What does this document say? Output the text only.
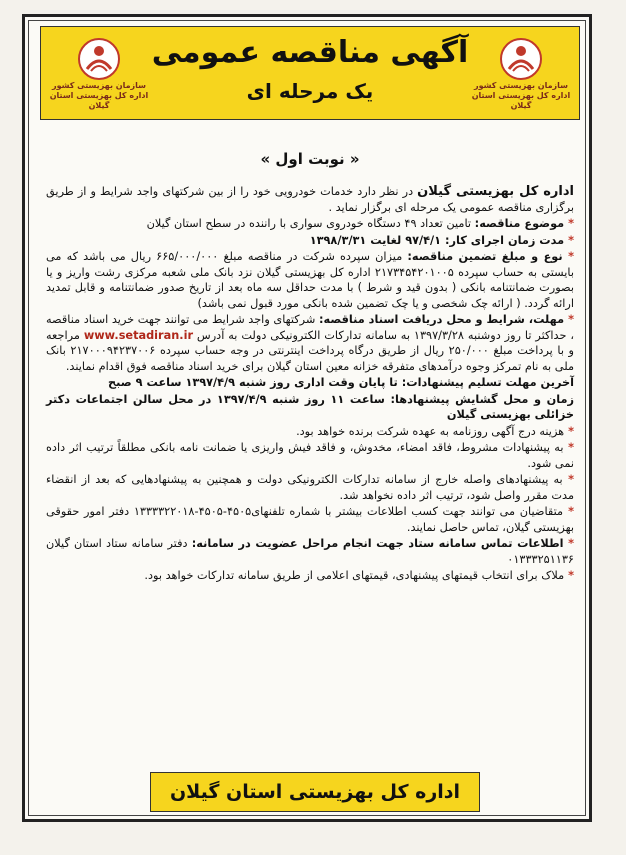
سازمان بهزیستی کشور
اداره کل بهزیستی استان گیلان
سازمان بهزیستی کشور
اداره کل بهزیستی استان گیلان
آگهی مناقصه عمومی
یک مرحله ای
« نوبت اول »

اداره کل بهزیستی گیلان در نظر دارد خدمات خودرویی خود را از بین شرکتهای واجد شرایط و از طریق برگزاری مناقصه عمومی یک مرحله ای برگزار نماید .

* موضوع مناقصه: تامین تعداد ۴۹ دستگاه خودروی سواری با راننده در سطح استان گیلان

* مدت زمان اجرای کار: ۹۷/۴/۱ لغایت ۱۳۹۸/۳/۳۱

* نوع و مبلغ تضمین مناقصه: میزان سپرده شرکت در مناقصه مبلغ ۶۶۵/۰۰۰/۰۰۰ ریال می باشد که می بایستی به حساب سپرده ۲۱۷۳۴۵۴۲۰۱۰۰۵ اداره کل بهزیستی گیلان نزد بانک ملی شعبه مرکزی رشت واریز و یا بصورت ضمانتنامه بانکی ( بدون قید و شرط ) با مدت حداقل سه ماه بعد از تاریخ صدور ضمانتنامه و قابل تمدید ارائه گردد. ( ارائه چک شخصی و یا چک تضمین شده بانکی مورد قبول نمی باشد)

* مهلت، شرایط و محل دریافت اسناد مناقصه: شرکتهای واجد شرایط می توانند جهت خرید اسناد مناقصه ، حداکثر تا روز دوشنبه ۱۳۹۷/۳/۲۸ به سامانه تدارکات الکترونیکی دولت به آدرس www.setadiran.ir مراجعه و با پرداخت مبلغ ۲۵۰/۰۰۰ ریال از طریق درگاه پرداخت اینترنتی در وجه حساب سپرده ۲۱۷۰۰۰۹۴۲۳۷۰۰۶ بانک ملی به نام تمرکز وجوه درآمدهای متفرقه خزانه معین استان گیلان برای خرید اسناد مناقصه فوق اقدام نمایند.

آخرین مهلت تسلیم پیشنهادات: تا پایان وقت اداری روز شنبه ۱۳۹۷/۴/۹ ساعت ۹ صبح

زمان و محل گشایش پیشنهادها: ساعت ۱۱ روز شنبه ۱۳۹۷/۴/۹ در محل سالن اجتماعات دکتر خزائلی بهزیستی گیلان

* هزینه درج آگهی روزنامه به عهده شرکت برنده خواهد بود.

* به پیشنهادات مشروط، فاقد امضاء، مخدوش، و فاقد فیش واریزی یا ضمانت نامه بانکی مطلقاً ترتیب اثر داده نمی شود.

* به پیشنهادهای واصله خارج از سامانه تدارکات الکترونیکی دولت و همچنین به پیشنهادهایی که بعد از انقضاء مدت مقرر واصل شود، ترتیب اثر داده نخواهد شد.

* متقاضیان می توانند جهت کسب اطلاعات بیشتر با شماره تلفنهای۴۵۰۵-۴۵۰۵-۱۳۳۳۳۲۲۰۱۸ دفتر امور حقوقی بهزیستی گیلان، تماس حاصل نمایند.

* اطلاعات تماس سامانه ستاد جهت انجام مراحل عضویت در سامانه: دفتر سامانه ستاد استان گیلان ۰۱۳۳۳۲۵۱۱۳۶

* ملاک برای انتخاب قیمتهای پیشنهادی، قیمتهای اعلامی از طریق سامانه تدارکات خواهد بود.

اداره کل بهزیستی استان گیلان
